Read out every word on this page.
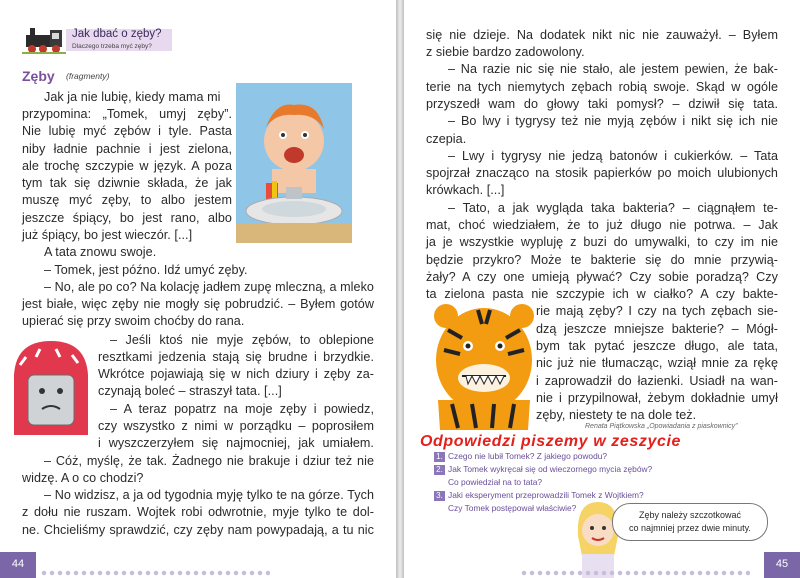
Jak dbać o zęby?
Dlaczego trzeba myć zęby?
Zęby (fragmenty)

Jak ja nie lubię, kiedy mama mi

przypomina: „Tomek, umyj zęby”.

Nie lubię myć zębów i tyle. Pasta

niby ładnie pachnie i jest zielona,

ale trochę szczypie w język. A poza

tym tak się dziwnie składa, że jak

muszę myć zęby, to albo jestem

jeszcze śpiący, bo jest rano, albo

już śpiący, bo jest wieczór. [...]

A tata znowu swoje.

– Tomek, jest późno. Idź umyć zęby.

– No, ale po co? Na kolację jadłem zupę mleczną, a mleko

jest białe, więc zęby nie mogły się pobrudzić. – Byłem gotów

upierać się przy swoim choćby do rana.

– Jeśli ktoś nie myje zębów, to oblepione

resztkami jedzenia stają się brudne i brzydkie.

Wkrótce pojawiają się w nich dziury i zęby za-

czynają boleć – straszył tata. [...]

– A teraz popatrz na moje zęby i powiedz,

czy wszystko z nimi w porządku – poprosiłem

i wyszczerzyłem się najmocniej, jak umiałem.

– Cóż, myślę, że tak. Żadnego nie brakuje i dziur też nie

widzę. A o co chodzi?

– No widzisz, a ja od tygodnia myję tylko te na górze. Tych

z dołu nie ruszam. Wojtek robi odwrotnie, myje tylko te dol-

ne. Chcieliśmy sprawdzić, czy zęby nam powypadają, a tu nic

się nie dzieje. Na dodatek nikt nic nie zauważył. – Byłem

z siebie bardzo zadowolony.

– Na razie nic się nie stało, ale jestem pewien, że bak-

terie na tych niemytych zębach robią swoje. Skąd w ogóle

przyszedł wam do głowy taki pomysł? – dziwił się tata.

– Bo lwy i tygrysy też nie myją zębów i nikt się ich nie

czepia.

– Lwy i tygrysy nie jedzą batonów i cukierków. – Tata

spojrzał znacząco na stosik papierków po moich ulubionych

krówkach. [...]

– Tato, a jak wygląda taka bakteria? – ciągnąłem te-

mat, choć wiedziałem, że to już długo nie potrwa. – Jak

ja je wszystkie wypluję z buzi do umywalki, to czy im nie

będzie przykro? Może te bakterie się do mnie przywią-

żały? A czy one umieją pływać? Czy sobie poradzą? Czy

ta zielona pasta nie szczypie ich w ciałko? A czy bakte-

rie mają zęby? I czy na tych zębach sie-

dzą jeszcze mniejsze bakterie? – Mógł-

bym tak pytać jeszcze długo, ale tata,

nic już nie tłumacząc, wziął mnie za rękę

i zaprowadził do łazienki. Usiadł na wan-

nie i przypilnował, żebym dokładnie umył

zęby, niestety te na dole też.

Renata Piątkowska „Opowiadania z piaskownicy”
Odpowiedzi piszemy w zeszycie
1. Czego nie lubił Tomek? Z jakiego powodu?
2. Jak Tomek wykręcał się od wieczornego mycia zębów?
Co powiedział na to tata?
3. Jaki eksperyment przeprowadzili Tomek z Wojtkiem?
Czy Tomek postępował właściwie?
Zęby należy szczotkować
co najmniej przez dwie minuty.
44	45
